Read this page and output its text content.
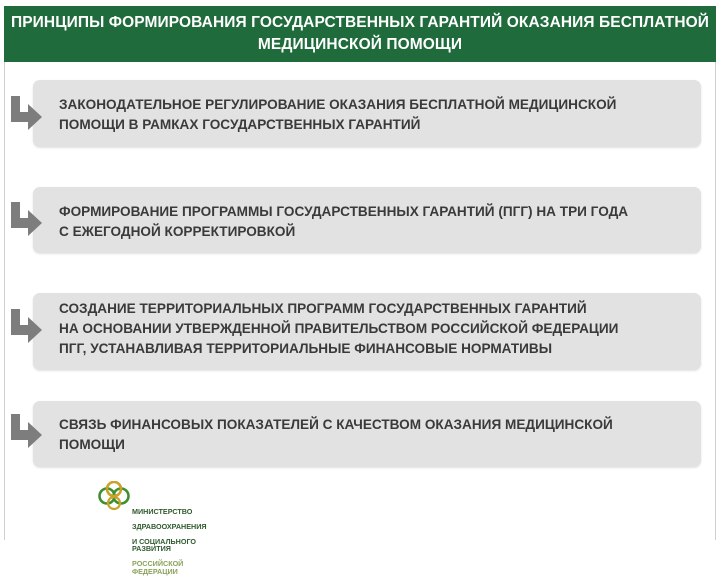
ПРИНЦИПЫ ФОРМИРОВАНИЯ ГОСУДАРСТВЕННЫХ ГАРАНТИЙ ОКАЗАНИЯ БЕСПЛАТНОЙ
МЕДИЦИНСКОЙ ПОМОЩИ
ЗАКОНОДАТЕЛЬНОЕ РЕГУЛИРОВАНИЕ ОКАЗАНИЯ БЕСПЛАТНОЙ МЕДИЦИНСКОЙ
ПОМОЩИ В РАМКАХ ГОСУДАРСТВЕННЫХ ГАРАНТИЙ
ФОРМИРОВАНИЕ ПРОГРАММЫ ГОСУДАРСТВЕННЫХ ГАРАНТИЙ (ПГГ) НА ТРИ ГОДА
С ЕЖЕГОДНОЙ КОРРЕКТИРОВКОЙ
СОЗДАНИЕ ТЕРРИТОРИАЛЬНЫХ ПРОГРАММ ГОСУДАРСТВЕННЫХ ГАРАНТИЙ
НА ОСНОВАНИИ УТВЕРЖДЕННОЙ ПРАВИТЕЛЬСТВОМ РОССИЙСКОЙ ФЕДЕРАЦИИ
ПГГ, УСТАНАВЛИВАЯ ТЕРРИТОРИАЛЬНЫЕ ФИНАНСОВЫЕ НОРМАТИВЫ
СВЯЗЬ ФИНАНСОВЫХ ПОКАЗАТЕЛЕЙ С КАЧЕСТВОМ ОКАЗАНИЯ МЕДИЦИНСКОЙ
ПОМОЩИ

МИНИСТЕРСТВО

ЗДРАВООХРАНЕНИЯ

И СОЦИАЛЬНОГО РАЗВИТИЯ

РОССИЙСКОЙ ФЕДЕРАЦИИ
